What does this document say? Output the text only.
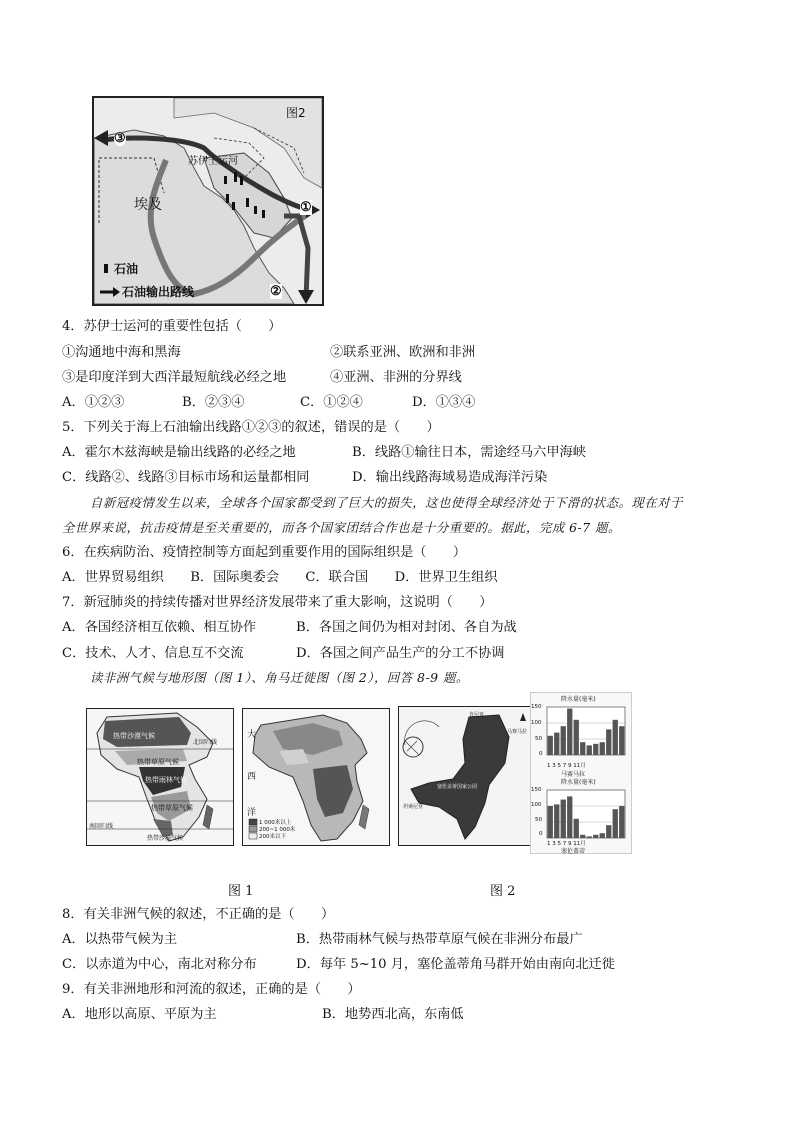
图2
③
①
②
苏伊士运河
埃及
石油
石油输出路线
4．苏伊士运河的重要性包括（　　）
①沟通地中海和黑海	②联系亚洲、欧洲和非洲
③是印度洋到大西洋最短航线必经之地	④亚洲、非洲的分界线
A．①②③	B．②③④	C．①②④	D．①③④
5．下列关于海上石油输出线路①②③的叙述，错误的是（　　）
A．霍尔木兹海峡是输出线路的必经之地	B．线路①输往日本，需途经马六甲海峡
C．线路②、线路③目标市场和运量都相同	D．输出线路海域易造成海洋污染
自新冠疫情发生以来，全球各个国家都受到了巨大的损失，这也使得全球经济处于下滑的状态。现在对于
全世界来说，抗击疫情是至关重要的，而各个国家团结合作也是十分重要的。据此，完成 6-7 题。
6．在疾病防治、疫情控制等方面起到重要作用的国际组织是（　　）
A．世界贸易组织　　B．国际奥委会　　C．联合国　　D．世界卫生组织
7．新冠肺炎的持续传播对世界经济发展带来了重大影响，这说明（　　）
A．各国经济相互依赖、相互协作	B．各国之间仍为相对封闭、各自为战
C．技术、人才、信息互不交流	D．各国之间产品生产的分工不协调
读非洲气候与地形图（图 1）、角马迁徙图（图 2），回答 8-9 题。
热带沙漠气候
热带草原气候
热带雨林气候
热带草原气候
热带沙漠气候
北回归线
南回归线
大
西
洋
1 000米以上
200~1 000米
200米以下
肯尼亚
马赛马拉
塞伦盖蒂国家公园
坦桑尼亚
降水量(毫米)
150
100
50
0
1 3 5 7 9 11月
马赛马拉
降水量(毫米)
150
100
50
0
1 3 5 7 9 11月
塞伦盖蒂
图 1	图 2
8．有关非洲气候的叙述，不正确的是（　　）
A．以热带气候为主	B．热带雨林气候与热带草原气候在非洲分布最广
C．以赤道为中心，南北对称分布	D．每年 5~10 月，塞伦盖蒂角马群开始由南向北迁徙
9．有关非洲地形和河流的叙述，正确的是（　　）
A．地形以高原、平原为主	B．地势西北高，东南低
